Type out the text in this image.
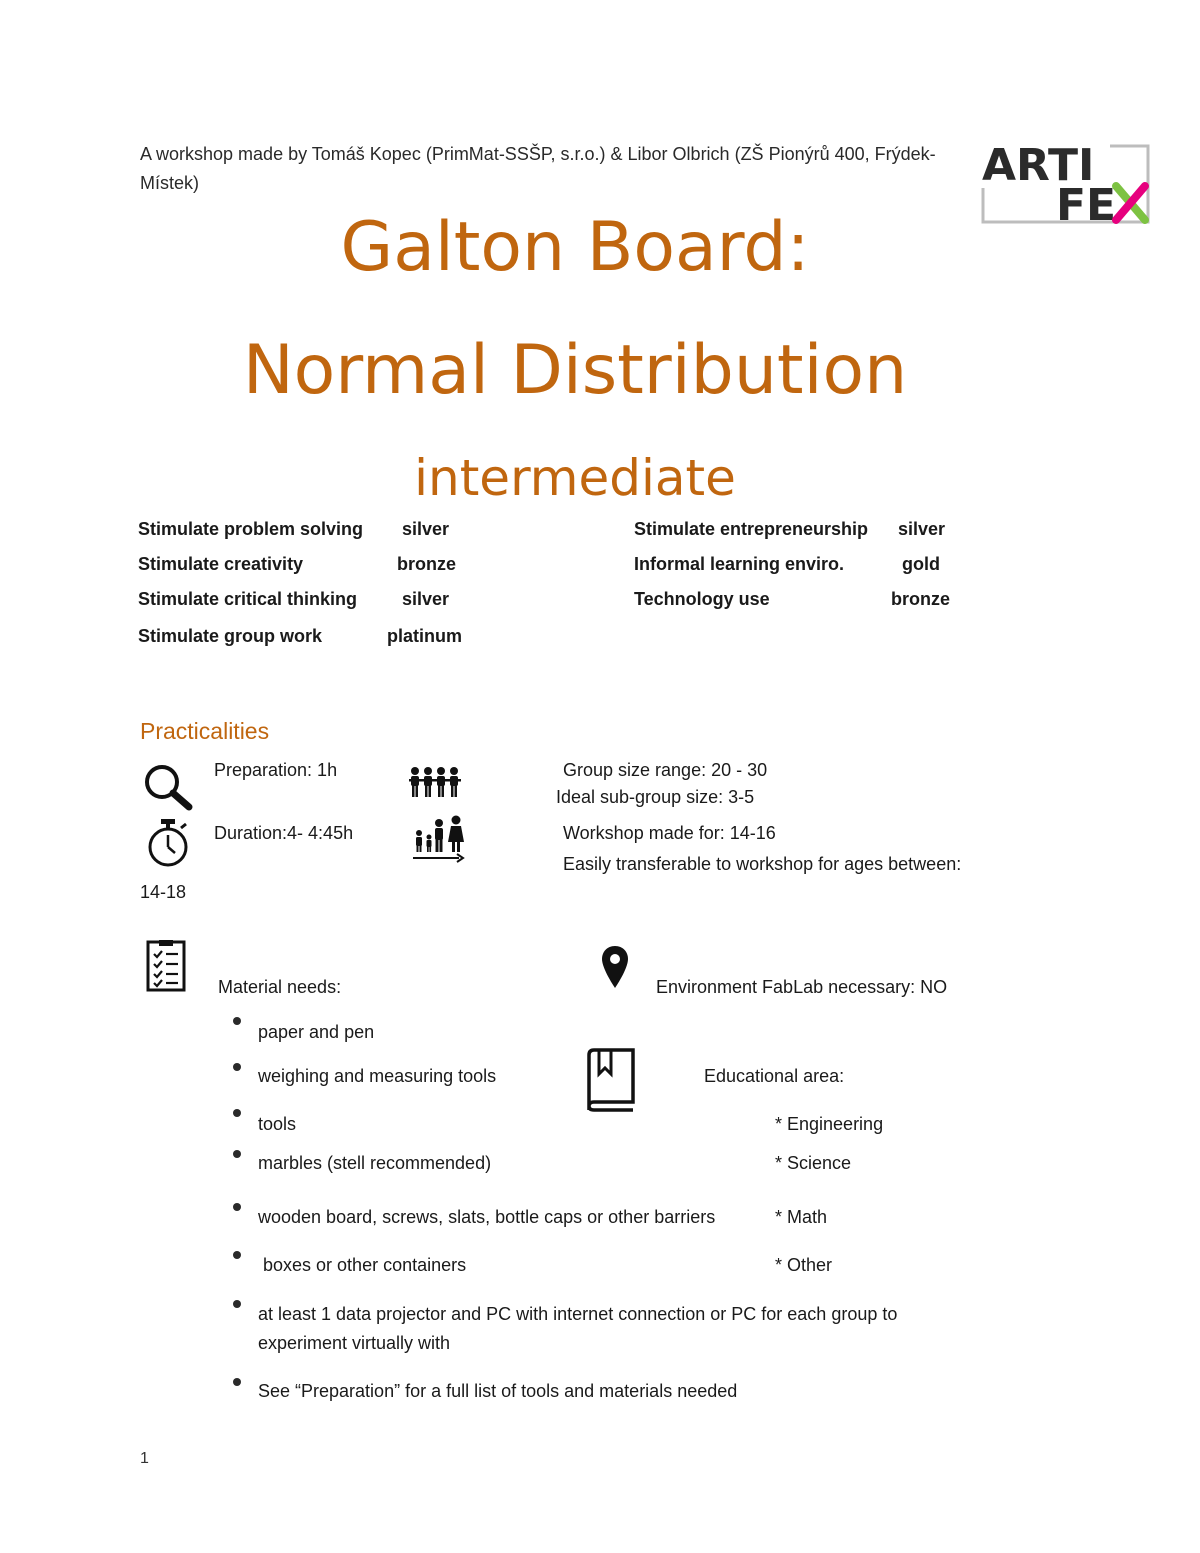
A workshop made by Tomáš Kopec (PrimMat-SSŠP, s.r.o.) & Libor Olbrich (ZŠ Pionýrů 400, Frýdek-Místek)	ARTI
FE
Galton Board:
Normal Distribution
intermediate
Stimulate problem solving silver
Stimulate creativity	bronze
Stimulate critical thinking silver
Stimulate group work	platinum
Stimulate entrepreneurship silver
Informal learning enviro.	gold
Technology use	bronze
Practicalities
Preparation: 1h	Group size range: 20 - 30
Ideal sub-group size: 3-5
Duration:4- 4:45h	Workshop made for: 14-16
Easily transferable to workshop for ages between:
14-18
Material needs:	Environment FabLab necessary: NO
Educational area:
paper and pen
weighing and measuring tools
tools
marbles (stell recommended)
wooden board, screws, slats, bottle caps or other barriers
boxes or other containers
at least 1 data projector and PC with internet connection or PC for each group to
experiment virtually with
See “Preparation” for a full list of tools and materials needed
* Engineering
* Science
* Math
* Other
1
